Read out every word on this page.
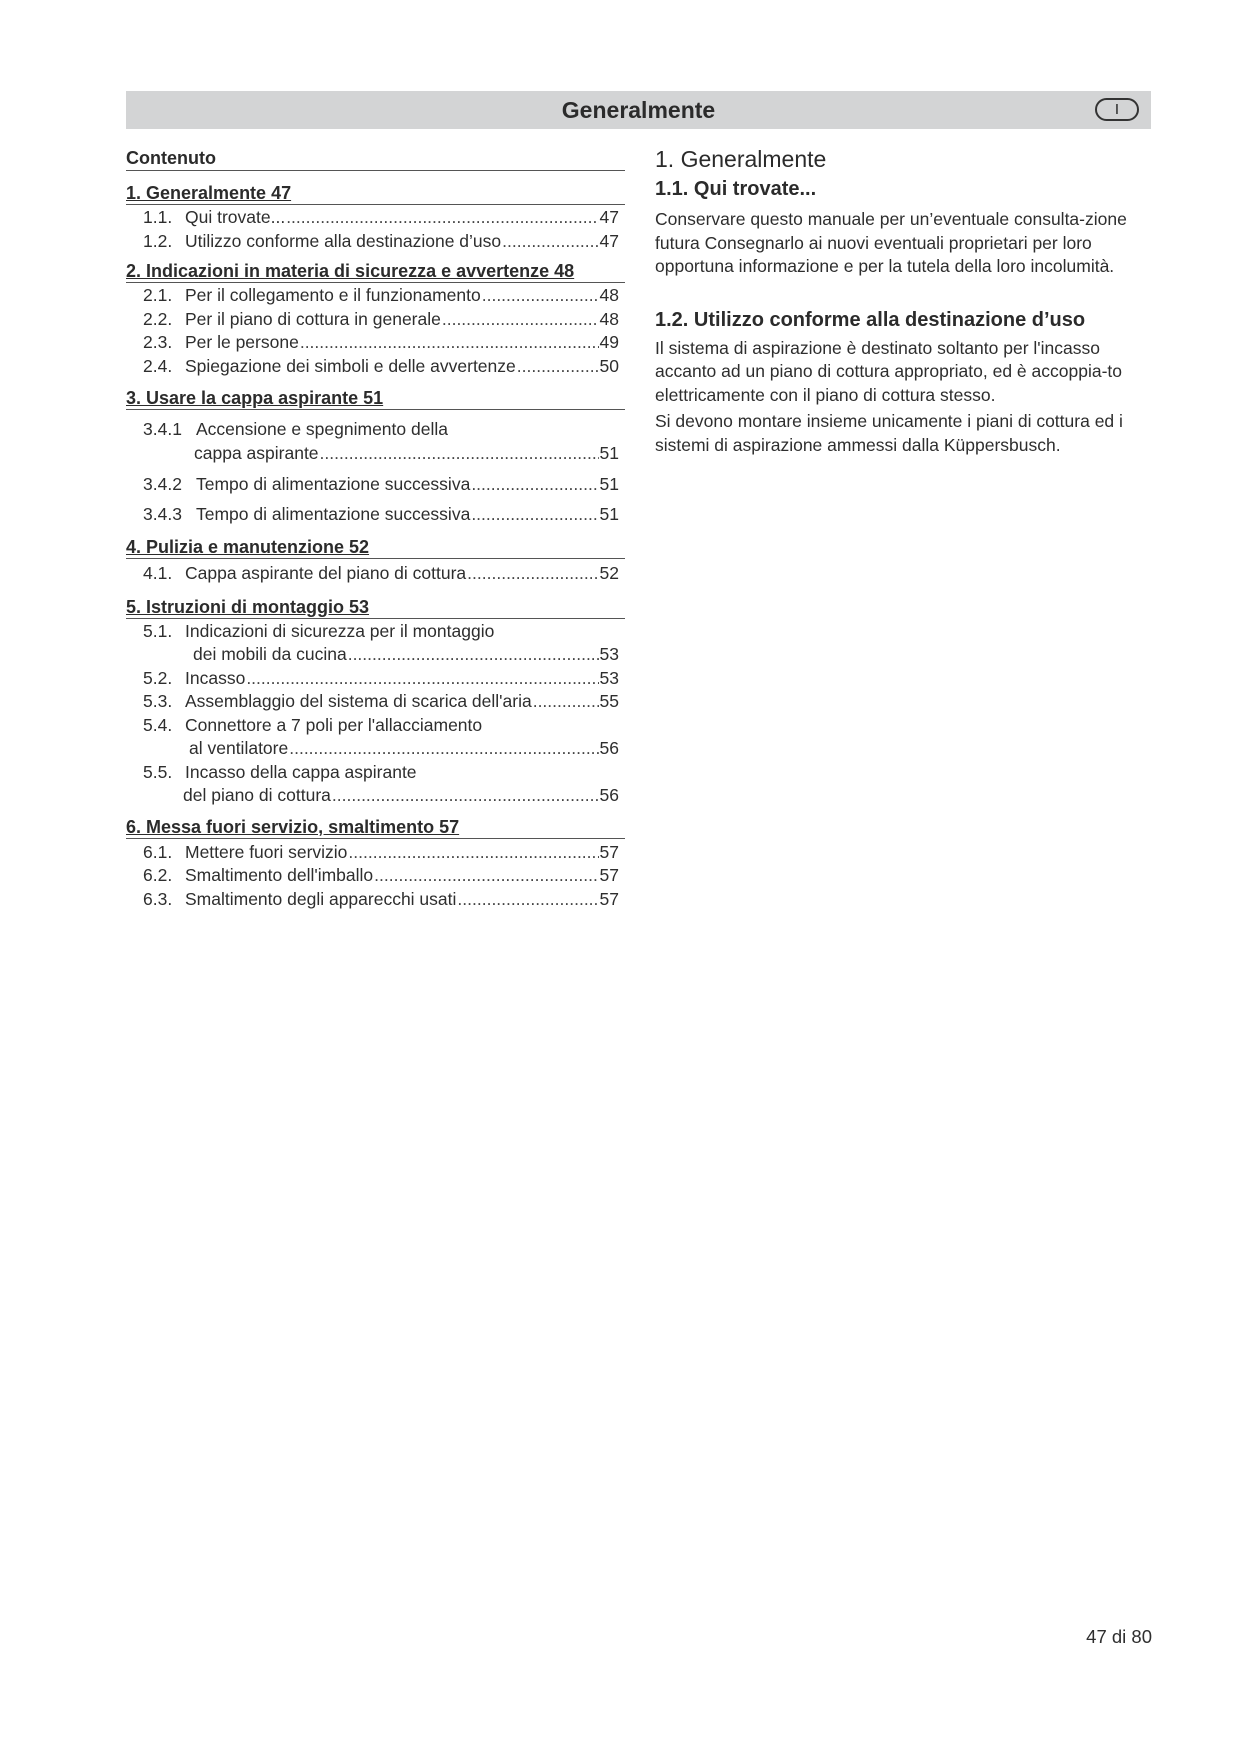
Generalmente	I
Contenuto
1. Generalmente 47
1.1. Qui trovate... .....	47
1.2. Utilizzo conforme alla destinazione d’uso .....	47
2. Indicazioni in materia di sicurezza e avvertenze 48
2.1. Per il collegamento e il funzionamento .....	48
2.2. Per il piano di cottura in generale .....	48
2.3. Per le persone .....	49
2.4. Spiegazione dei simboli e delle avvertenze .....	50
3. Usare la cappa aspirante 51
3.4.1 Accensione e spegnimento della
cappa aspirante .....	51
3.4.2 Tempo di alimentazione successiva .....	51
3.4.3 Tempo di alimentazione successiva .....	51
4. Pulizia e manutenzione 52
4.1. Cappa aspirante del piano di cottura .....	52
5. Istruzioni di montaggio 53
5.1. Indicazioni di sicurezza per il montaggio
dei mobili da cucina .....	53
5.2. Incasso .....	53
5.3. Assemblaggio del sistema di scarica dell'aria .....	55
5.4. Connettore a 7 poli per l'allacciamento
al ventilatore .....	56
5.5. Incasso della cappa aspirante
del piano di cottura .....	56
6. Messa fuori servizio, smaltimento 57
6.1. Mettere fuori servizio .....	57
6.2. Smaltimento dell'imballo .....	57
6.3. Smaltimento degli apparecchi usati .....	57
1. Generalmente
1.1. Qui trovate...

Conservare questo manuale per un’eventuale consulta-zione futura Consegnarlo ai nuovi eventuali proprietari per loro opportuna informazione e per la tutela della loro incolumità.

1.2. Utilizzo conforme alla destinazione d’uso

Il sistema di aspirazione è destinato soltanto per l'incasso accanto ad un piano di cottura appropriato, ed è accoppia-to elettricamente con il piano di cottura stesso.

Si devono montare insieme unicamente i piani di cottura ed i sistemi di aspirazione ammessi dalla Küppersbusch.

47 di 80
